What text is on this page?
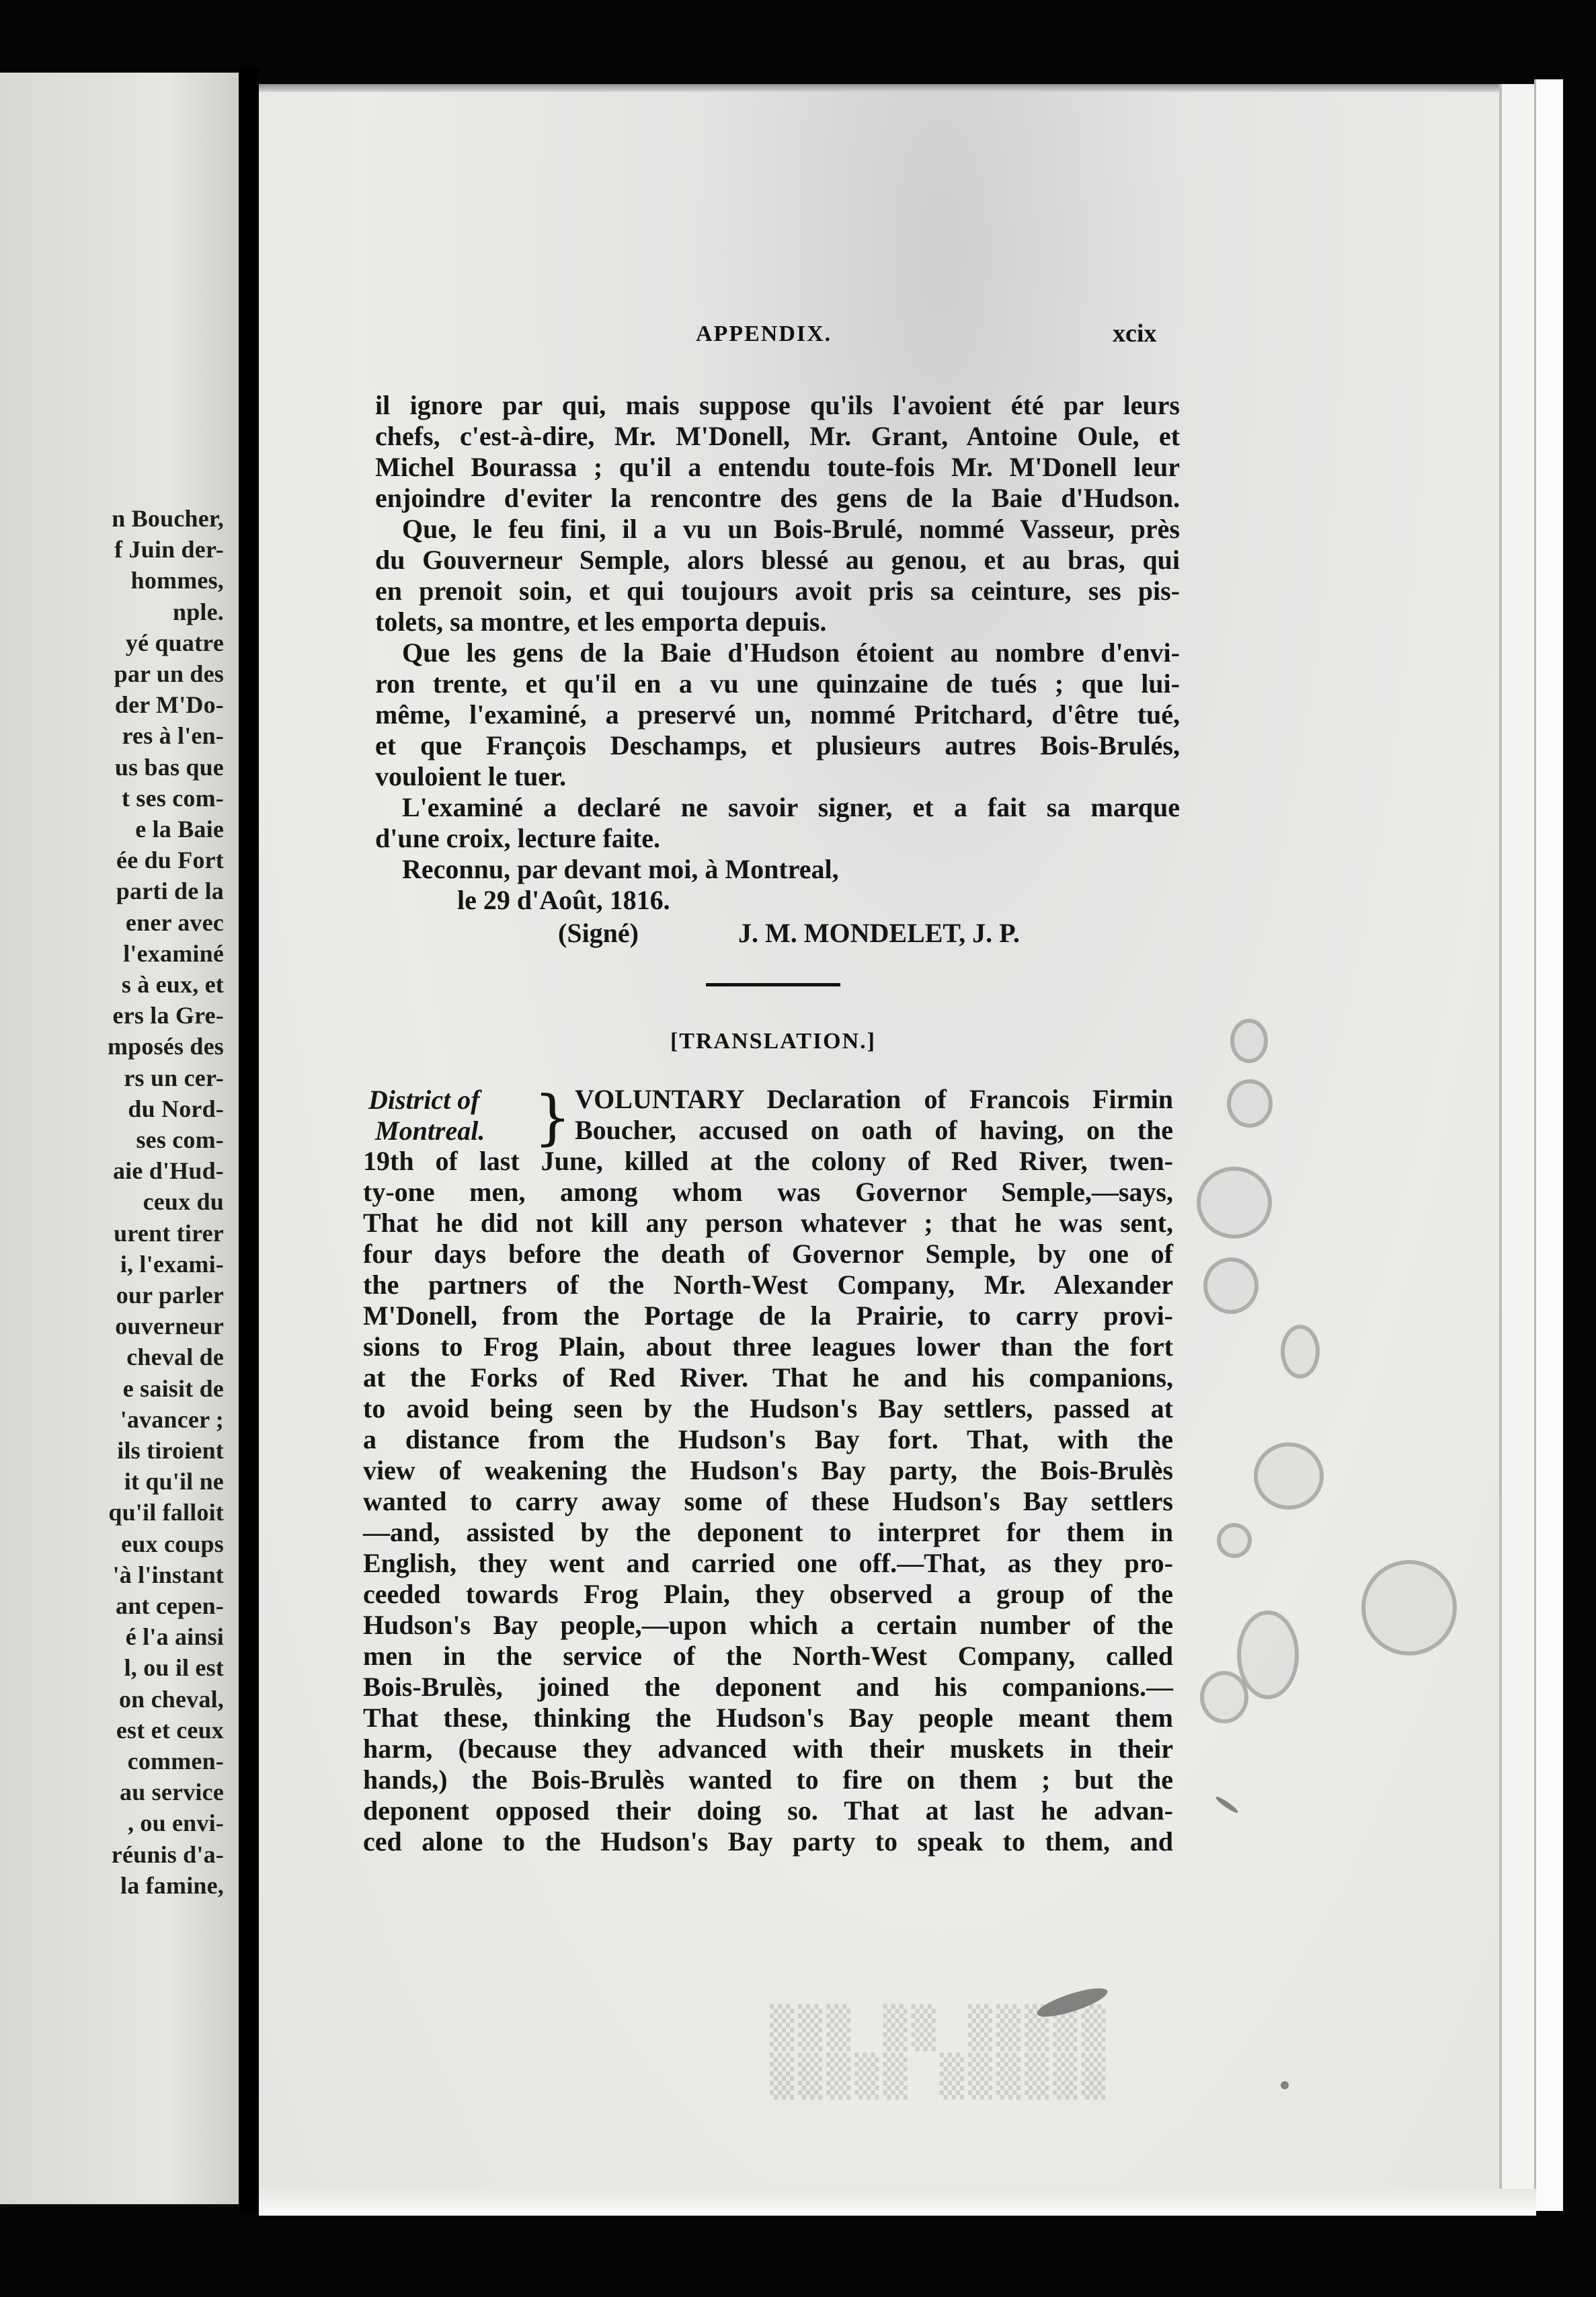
n Boucher,
f Juin der-
hommes,
nple.
yé quatre
par un des
der M'Do-
res à l'en-
us bas que
t ses com-
e la Baie
ée du Fort
parti de la
ener avec
l'examiné
s à eux, et
ers la Gre-
mposés des
rs un cer-
du Nord-
ses com-
aie d'Hud-
ceux du
urent tirer
i, l'exami-
our parler
ouverneur
cheval de
e saisit de
'avancer ;
ils tiroient
it qu'il ne
qu'il falloit
eux coups
'à l'instant
ant cepen-
é l'a ainsi
l, ou il est
on cheval,
est et ceux
commen-
au service
, ou envi-
réunis d'a-
la famine,
▒▒▒ ▒▒ ▒▒▒▒▒
▒▒▒▒▒ ▒▒▒▒▒▒
APPENDIX.	xcix
il ignore par qui, mais suppose qu'ils l'avoient été par leurs
chefs, c'est-à-dire, Mr. M'Donell, Mr. Grant, Antoine Oule, et
Michel Bourassa ; qu'il a entendu toute-fois Mr. M'Donell leur
enjoindre d'eviter la rencontre des gens de la Baie d'Hudson.
Que, le feu fini, il a vu un Bois-Brulé, nommé Vasseur, près
du Gouverneur Semple, alors blessé au genou, et au bras, qui
en prenoit soin, et qui toujours avoit pris sa ceinture, ses pis-
tolets, sa montre, et les emporta depuis.
Que les gens de la Baie d'Hudson étoient au nombre d'envi-
ron trente, et qu'il en a vu une quinzaine de tués ; que lui-
même, l'examiné, a preservé un, nommé Pritchard, d'être tué,
et que François Deschamps, et plusieurs autres Bois-Brulés,
vouloient le tuer.
L'examiné a declaré ne savoir signer, et a fait sa marque
d'une croix, lecture faite.
Reconnu, par devant moi, à Montreal,
le 29 d'Août, 1816.
(Signé)	J. M. MONDELET, J. P.
[TRANSLATION.]
District of
Montreal. } VOLUNTARY Declaration of Francois Firmin
Boucher, accused on oath of having, on the
19th of last June, killed at the colony of Red River, twen-
ty-one men, among whom was Governor Semple,—says,
That he did not kill any person whatever ; that he was sent,
four days before the death of Governor Semple, by one of
the partners of the North-West Company, Mr. Alexander
M'Donell, from the Portage de la Prairie, to carry provi-
sions to Frog Plain, about three leagues lower than the fort
at the Forks of Red River. That he and his companions,
to avoid being seen by the Hudson's Bay settlers, passed at
a distance from the Hudson's Bay fort. That, with the
view of weakening the Hudson's Bay party, the Bois-Brulès
wanted to carry away some of these Hudson's Bay settlers
—and, assisted by the deponent to interpret for them in
English, they went and carried one off.—That, as they pro-
ceeded towards Frog Plain, they observed a group of the
Hudson's Bay people,—upon which a certain number of the
men in the service of the North-West Company, called
Bois-Brulès, joined the deponent and his companions.—
That these, thinking the Hudson's Bay people meant them
harm, (because they advanced with their muskets in their
hands,) the Bois-Brulès wanted to fire on them ; but the
deponent opposed their doing so. That at last he advan-
ced alone to the Hudson's Bay party to speak to them, and
